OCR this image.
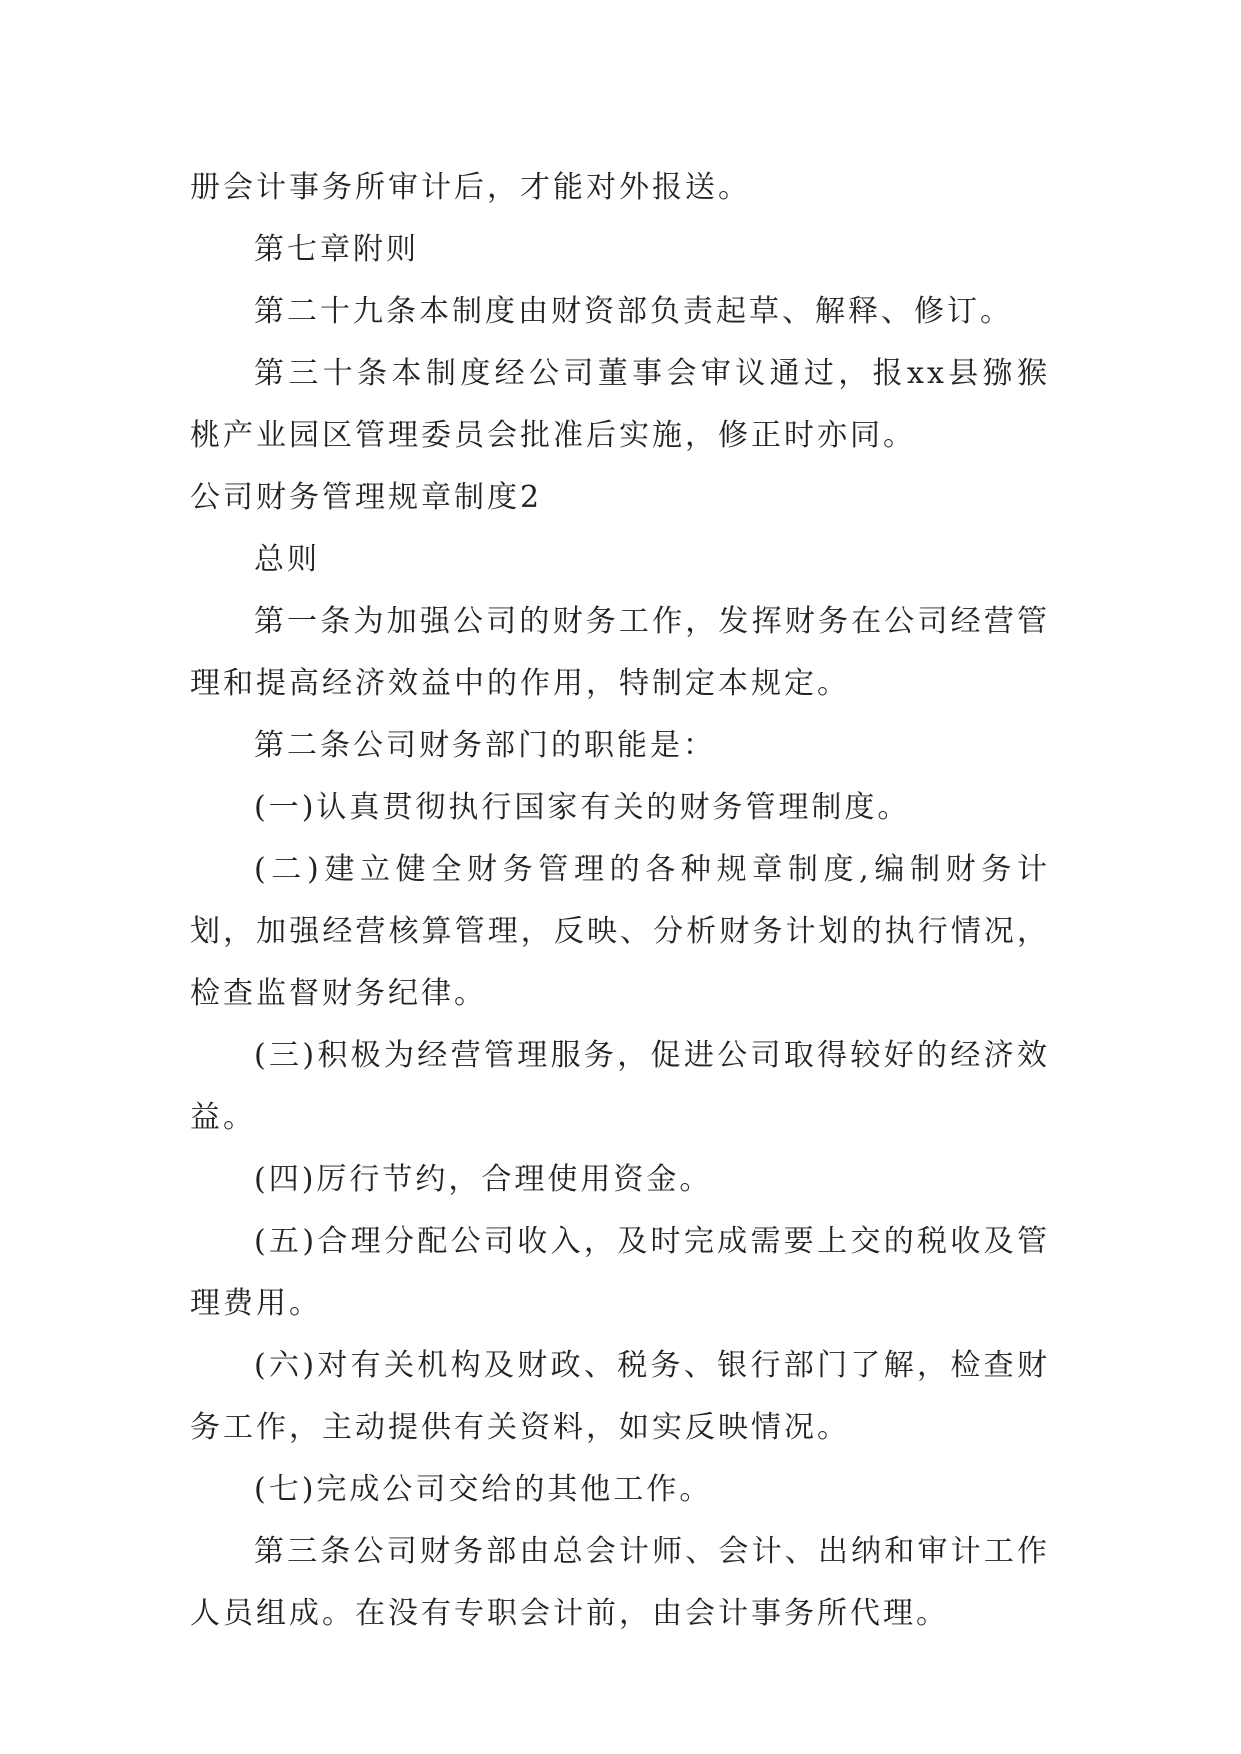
册会计事务所审计后，才能对外报送。

第七章附则

第二十九条本制度由财资部负责起草、解释、修订。

第三十条本制度经公司董事会审议通过，报xx县猕猴桃产业园区管理委员会批准后实施，修正时亦同。

公司财务管理规章制度2

总则

第一条为加强公司的财务工作，发挥财务在公司经营管理和提高经济效益中的作用，特制定本规定。

第二条公司财务部门的职能是：

(一)认真贯彻执行国家有关的财务管理制度。

(二)建立健全财务管理的各种规章制度,编制财务计划，加强经营核算管理，反映、分析财务计划的执行情况，检查监督财务纪律。

(三)积极为经营管理服务，促进公司取得较好的经济效益。

(四)厉行节约，合理使用资金。

(五)合理分配公司收入，及时完成需要上交的税收及管理费用。

(六)对有关机构及财政、税务、银行部门了解，检查财务工作，主动提供有关资料，如实反映情况。

(七)完成公司交给的其他工作。

第三条公司财务部由总会计师、会计、出纳和审计工作人员组成。在没有专职会计前，由会计事务所代理。
